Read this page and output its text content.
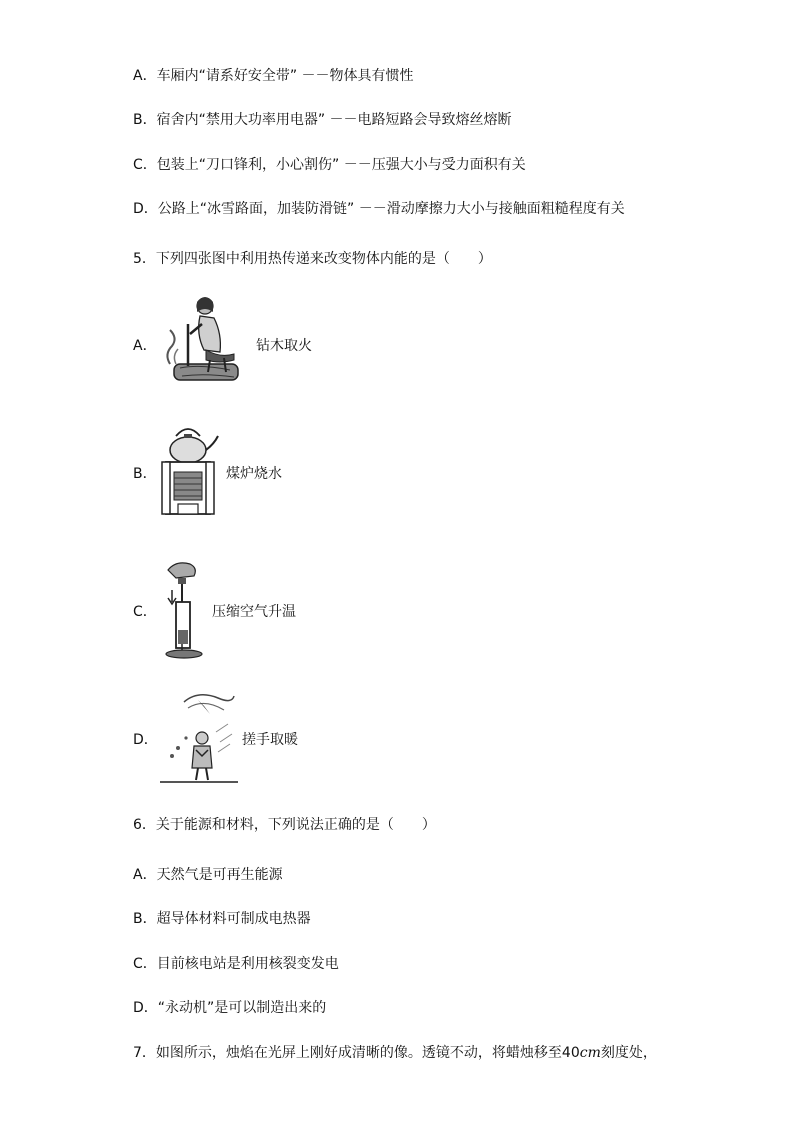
A．车厢内“请系好安全带” －－物体具有惯性
B．宿舍内“禁用大功率用电器” －－电路短路会导致熔丝熔断
C．包装上“刀口锋利，小心割伤” －－压强大小与受力面积有关
D．公路上“冰雪路面，加装防滑链” －－滑动摩擦力大小与接触面粗糙程度有关
5．下列四张图中利用热传递来改变物体内能的是（　　）
A．	钻木取火
B．	煤炉烧水
C．	压缩空气升温
D．	搓手取暖
6．关于能源和材料，下列说法正确的是（　　）
A．天然气是可再生能源
B．超导体材料可制成电热器
C．目前核电站是利用核裂变发电
D．“永动机”是可以制造出来的
7．如图所示，烛焰在光屏上刚好成清晰的像。透镜不动，将蜡烛移至40cm刻度处，
